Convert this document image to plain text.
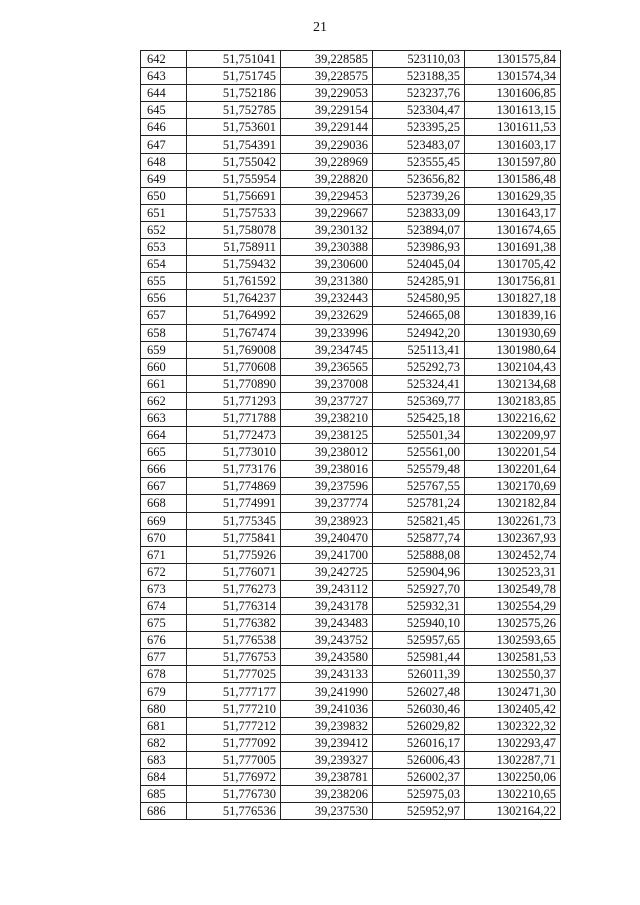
21
642	51,751041	39,228585	523110,03	1301575,84
643	51,751745	39,228575	523188,35	1301574,34
644	51,752186	39,229053	523237,76	1301606,85
645	51,752785	39,229154	523304,47	1301613,15
646	51,753601	39,229144	523395,25	1301611,53
647	51,754391	39,229036	523483,07	1301603,17
648	51,755042	39,228969	523555,45	1301597,80
649	51,755954	39,228820	523656,82	1301586,48
650	51,756691	39,229453	523739,26	1301629,35
651	51,757533	39,229667	523833,09	1301643,17
652	51,758078	39,230132	523894,07	1301674,65
653	51,758911	39,230388	523986,93	1301691,38
654	51,759432	39,230600	524045,04	1301705,42
655	51,761592	39,231380	524285,91	1301756,81
656	51,764237	39,232443	524580,95	1301827,18
657	51,764992	39,232629	524665,08	1301839,16
658	51,767474	39,233996	524942,20	1301930,69
659	51,769008	39,234745	525113,41	1301980,64
660	51,770608	39,236565	525292,73	1302104,43
661	51,770890	39,237008	525324,41	1302134,68
662	51,771293	39,237727	525369,77	1302183,85
663	51,771788	39,238210	525425,18	1302216,62
664	51,772473	39,238125	525501,34	1302209,97
665	51,773010	39,238012	525561,00	1302201,54
666	51,773176	39,238016	525579,48	1302201,64
667	51,774869	39,237596	525767,55	1302170,69
668	51,774991	39,237774	525781,24	1302182,84
669	51,775345	39,238923	525821,45	1302261,73
670	51,775841	39,240470	525877,74	1302367,93
671	51,775926	39,241700	525888,08	1302452,74
672	51,776071	39,242725	525904,96	1302523,31
673	51,776273	39,243112	525927,70	1302549,78
674	51,776314	39,243178	525932,31	1302554,29
675	51,776382	39,243483	525940,10	1302575,26
676	51,776538	39,243752	525957,65	1302593,65
677	51,776753	39,243580	525981,44	1302581,53
678	51,777025	39,243133	526011,39	1302550,37
679	51,777177	39,241990	526027,48	1302471,30
680	51,777210	39,241036	526030,46	1302405,42
681	51,777212	39,239832	526029,82	1302322,32
682	51,777092	39,239412	526016,17	1302293,47
683	51,777005	39,239327	526006,43	1302287,71
684	51,776972	39,238781	526002,37	1302250,06
685	51,776730	39,238206	525975,03	1302210,65
686	51,776536	39,237530	525952,97	1302164,22
